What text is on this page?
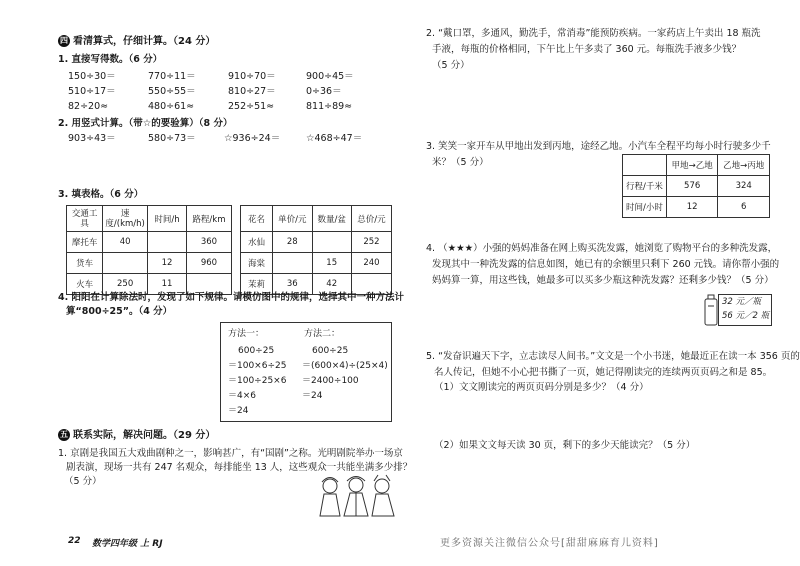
四 看清算式，仔细计算。（24 分）
1. 直接写得数。（6 分）
150÷30＝	770÷11＝	910÷70＝	900÷45＝
510÷17＝	550÷55＝	810÷27＝	0÷36＝
82÷20≈	480÷61≈	252÷51≈	811÷89≈
2. 用竖式计算。（带☆的要验算）（8 分）
903÷43＝	580÷73＝	☆936÷24＝	☆468÷47＝
3. 填表格。（6 分）
交通工具	速度/(km/h)	时间/h	路程/km
摩托车	40		360
货车		12	960
火车	250	11	
花名	单价/元	数量/盆	总价/元
水仙	28		252
海棠		15	240
茉莉	36	42	
4. 阳阳在计算除法时，发现了如下规律。请模仿图中的规律，选择其中一种方法计
算“800÷25”。（4 分）
方法一：
600÷25
＝100×6÷25
＝100÷25×6
＝4×6
＝24
方法二：
600÷25
＝(600×4)÷(25×4)
＝2400÷100
＝24
五 联系实际，解决问题。（29 分）
1. 京剧是我国五大戏曲剧种之一，影响甚广，有“国剧”之称。光明剧院举办一场京
剧表演，现场一共有 247 名观众，每排能坐 13 人，这些观众一共能坐满多少排？
（5 分）
22 数学四年级 上 RJ
2. “戴口罩，多通风，勤洗手，常消毒”能预防疾病。一家药店上午卖出 18 瓶洗
手液，每瓶的价格相同，下午比上午多卖了 360 元。每瓶洗手液多少钱？
（5 分）
3. 笑笑一家开车从甲地出发到丙地，途经乙地。小汽车全程平均每小时行驶多少千
米？（5 分）
		甲地→乙地	乙地→丙地
行程/千米	576	324
时间/小时	12	6
4. （★★★）小强的妈妈准备在网上购买洗发露，她浏览了购物平台的多种洗发露，
发现其中一种洗发露的信息如图，她已有的余额里只剩下 260 元钱。请你帮小强的
妈妈算一算，用这些钱，她最多可以买多少瓶这种洗发露？还剩多少钱？（5 分）
32 元／瓶
56 元／2 瓶
5. “发奋识遍天下字，立志读尽人间书。”文文是一个小书迷，她最近正在读一本 356 页的
名人传记，但她不小心把书撕了一页，她记得刚读完的连续两页页码之和是 85。
（1）文文刚读完的两页页码分别是多少？（4 分）
（2）如果文文每天读 30 页，剩下的多少天能读完？（5 分）
更多资源关注微信公众号[甜甜麻麻育儿资料]
